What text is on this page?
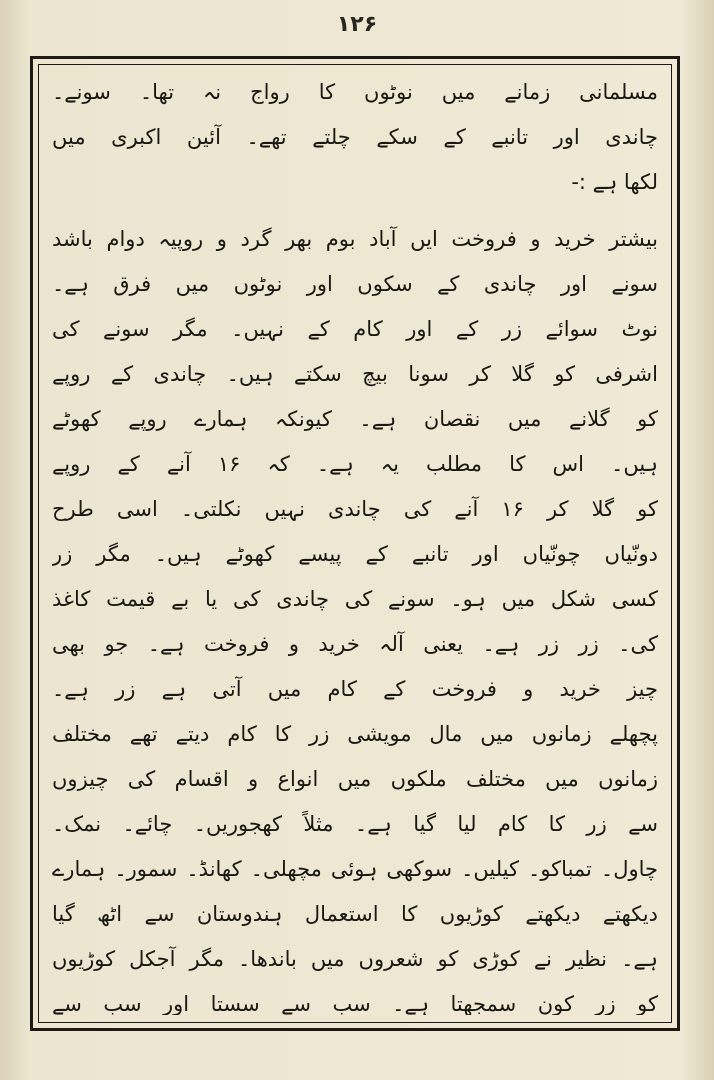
۱۲۶
مسلمانی زمانے میں نوٹوں کا رواج نہ تھا۔ سونے۔
چاندی اور تانبے کے سکے چلتے تھے۔ آئین اکبری میں
لکھا ہے :-
بیشتر خرید و فروخت ایں آباد بوم بھر گرد و روپیہ دوام باشد
سونے اور چاندی کے سکوں اور نوٹوں میں فرق ہے۔
نوٹ سوائے زر کے اور کام کے نہیں۔ مگر سونے کی
اشرفی کو گلا کر سونا بیچ سکتے ہیں۔ چاندی کے روپے
کو گلانے میں نقصان ہے۔ کیونکہ ہمارے روپے کھوٹے
ہیں۔ اس کا مطلب یہ ہے۔ کہ ۱۶ آنے کے روپے
کو گلا کر ۱۶ آنے کی چاندی نہیں نکلتی۔ اسی طرح
دونّیاں چونّیاں اور تانبے کے پیسے کھوٹے ہیں۔ مگر زر
کسی شکل میں ہو۔ سونے کی چاندی کی یا بے قیمت کاغذ
کی۔ زر زر ہے۔ یعنی آلہ خرید و فروخت ہے۔ جو بھی
چیز خرید و فروخت کے کام میں آتی ہے زر ہے۔
پچھلے زمانوں میں مال مویشی زر کا کام دیتے تھے مختلف
زمانوں میں مختلف ملکوں میں انواع و اقسام کی چیزوں
سے زر کا کام لیا گیا ہے۔ مثلاً کھجوریں۔ چائے۔ نمک۔
چاول۔ تمباکو۔ کیلیں۔ سوکھی ہوئی مچھلی۔ کھانڈ۔ سمور۔ ہمارے
دیکھتے دیکھتے کوڑیوں کا استعمال ہندوستان سے اٹھ گیا
ہے۔ نظیر نے کوڑی کو شعروں میں باندھا۔ مگر آجکل کوڑیوں
کو زر کون سمجھتا ہے۔ سب سے سستا اور سب سے
